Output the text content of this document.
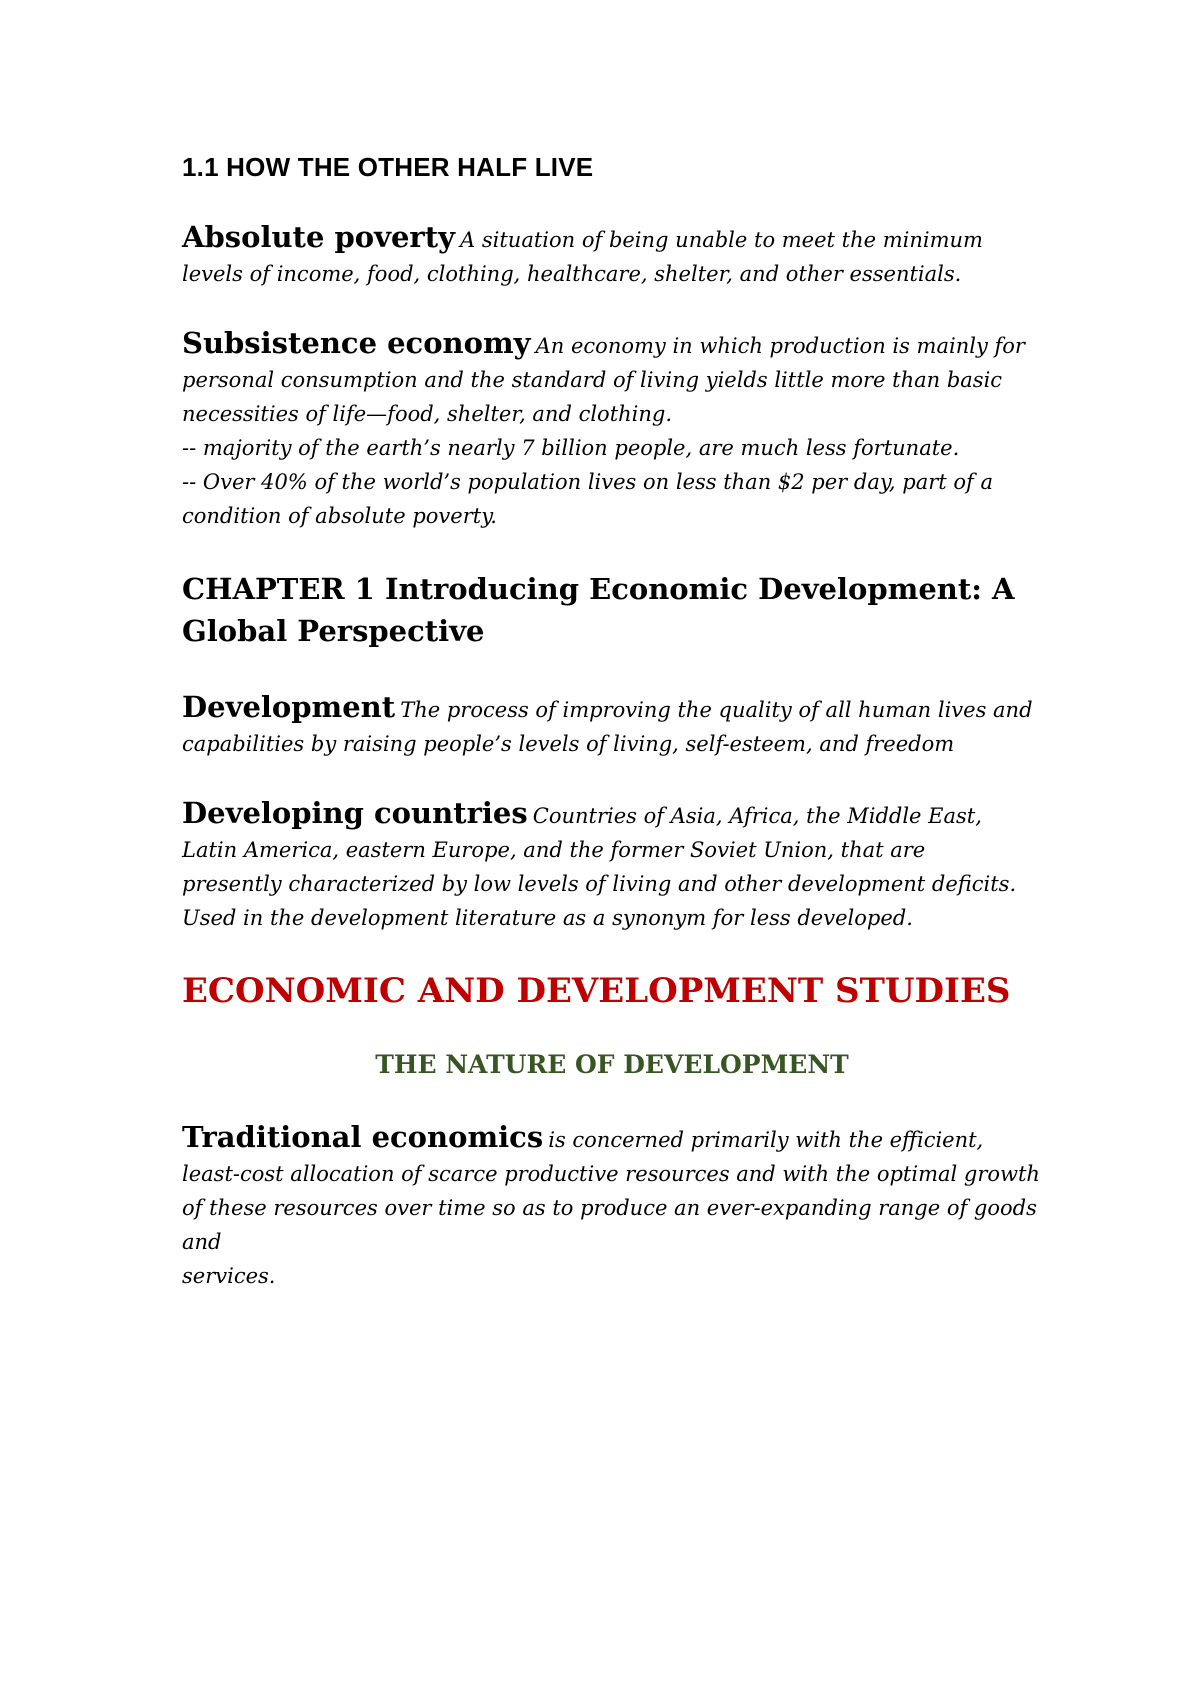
1.1 HOW THE OTHER HALF LIVE

Absolute poverty A situation of being unable to meet the minimum levels of income, food, clothing, healthcare, shelter, and other essentials.

Subsistence economy An economy in which production is mainly for personal consumption and the standard of living yields little more than basic necessities of life—food, shelter, and clothing.

-- majority of the earth’s nearly 7 billion people, are much less fortunate.
-- Over 40% of the world’s population lives on less than $2 per day, part of a condition of absolute poverty.
CHAPTER 1 Introducing Economic Development: A Global Perspective

Development The process of improving the quality of all human lives and capabilities by raising people’s levels of living, self-esteem, and freedom

Developing countries Countries of Asia, Africa, the Middle East, Latin America, eastern Europe, and the former Soviet Union, that are

presently characterized by low levels of living and other development deficits. Used in the development literature as a synonym for less developed.
ECONOMIC AND DEVELOPMENT STUDIES
THE NATURE OF DEVELOPMENT

Traditional economics is concerned primarily with the efficient, least-cost allocation of scarce productive resources and with the optimal growth of these resources over time so as to produce an ever-expanding range of goods and

services.
